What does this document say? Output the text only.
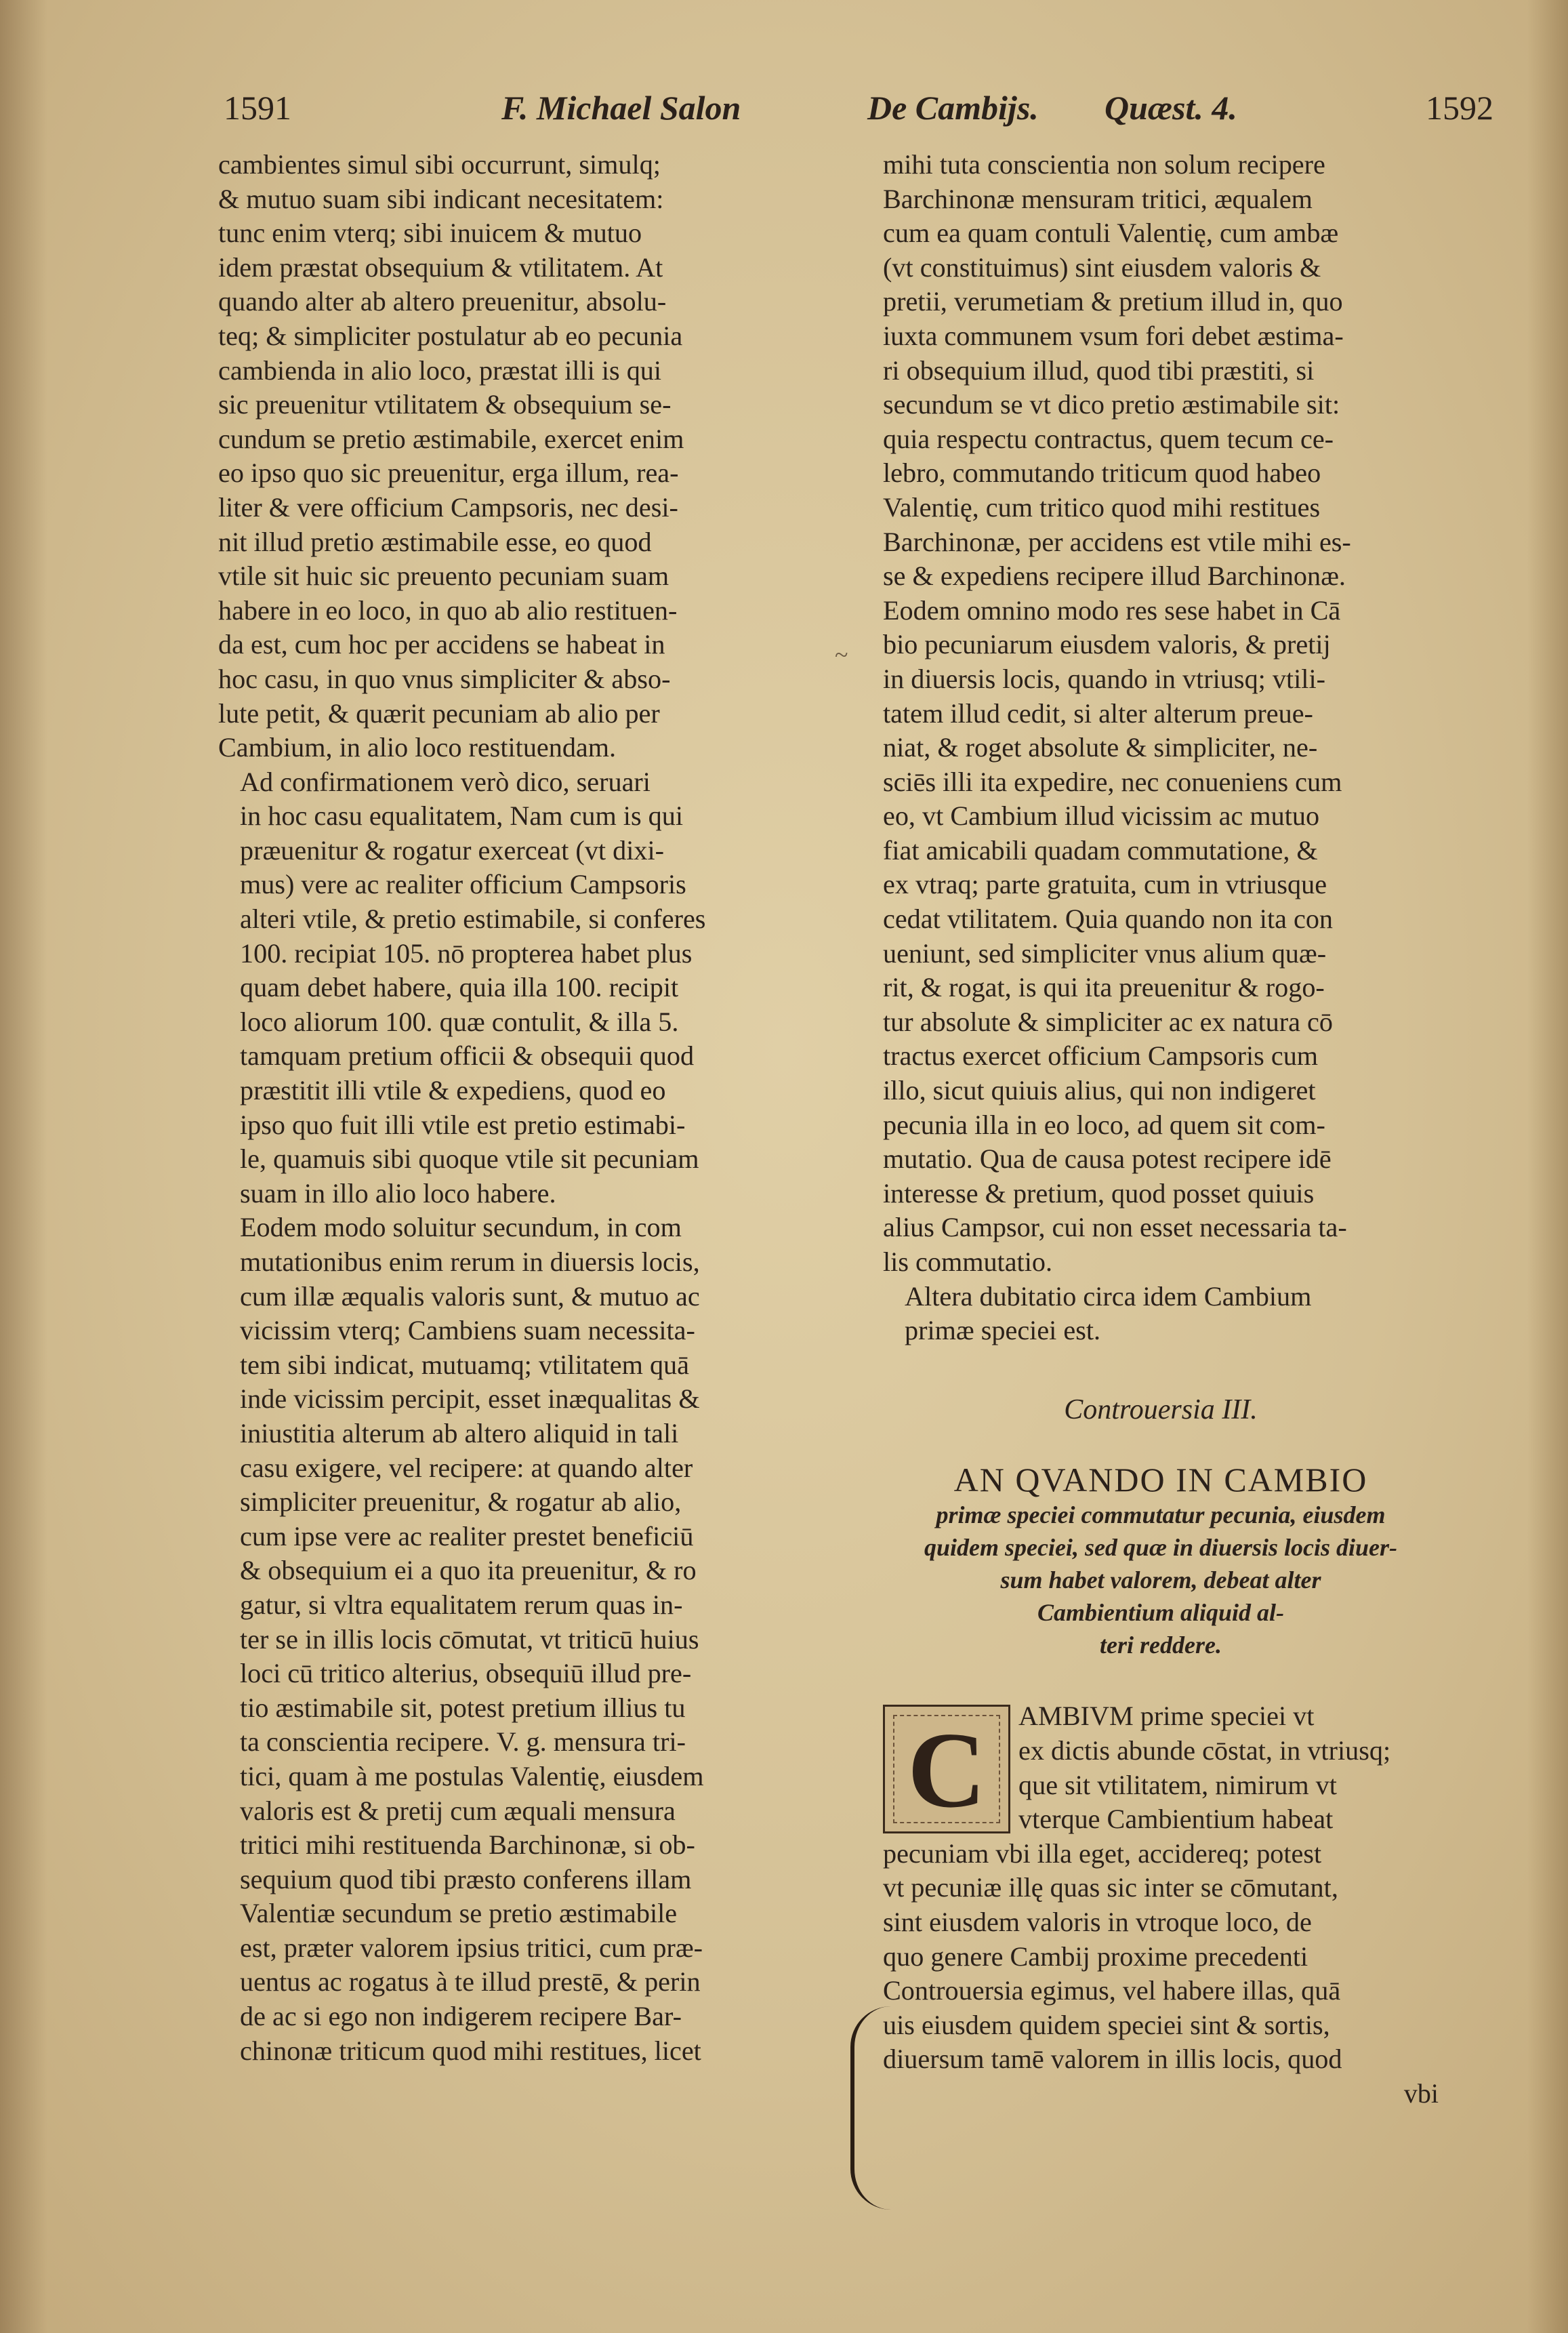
1591	F. Michael Salon	De Cambijs. Quæst. 4.	1592

cambientes simul sibi occurrunt, simulq;
& mutuo suam sibi indicant necesitatem:
tunc enim vterq; sibi inuicem & mutuo
idem præstat obsequium & vtilitatem. At
quando alter ab altero preuenitur, absolu-
teq; & simpliciter postulatur ab eo pecunia
cambienda in alio loco, præstat illi is qui
sic preuenitur vtilitatem & obsequium se-
cundum se pretio æstimabile, exercet enim
eo ipso quo sic preuenitur, erga illum, rea-
liter & vere officium Campsoris, nec desi-
nit illud pretio æstimabile esse, eo quod
vtile sit huic sic preuento pecuniam suam
habere in eo loco, in quo ab alio restituen-
da est, cum hoc per accidens se habeat in
hoc casu, in quo vnus simpliciter & abso-
lute petit, & quærit pecuniam ab alio per
Cambium, in alio loco restituendam.

Ad confirmationem verò dico, seruari
in hoc casu equalitatem, Nam cum is qui
præuenitur & rogatur exerceat (vt dixi-
mus) vere ac realiter officium Campsoris
alteri vtile, & pretio estimabile, si conferes
100. recipiat 105. nō propterea habet plus
quam debet habere, quia illa 100. recipit
loco aliorum 100. quæ contulit, & illa 5.
tamquam pretium officii & obsequii quod
præstitit illi vtile & expediens, quod eo
ipso quo fuit illi vtile est pretio estimabi-
le, quamuis sibi quoque vtile sit pecuniam
suam in illo alio loco habere.

Eodem modo soluitur secundum, in com
mutationibus enim rerum in diuersis locis,
cum illæ æqualis valoris sunt, & mutuo ac
vicissim vterq; Cambiens suam necessita-
tem sibi indicat, mutuamq; vtilitatem quā
inde vicissim percipit, esset inæqualitas &
iniustitia alterum ab altero aliquid in tali
casu exigere, vel recipere: at quando alter
simpliciter preuenitur, & rogatur ab alio,
cum ipse vere ac realiter prestet beneficiū
& obsequium ei a quo ita preuenitur, & ro
gatur, si vltra equalitatem rerum quas in-
ter se in illis locis cōmutat, vt triticū huius
loci cū tritico alterius, obsequiū illud pre-
tio æstimabile sit, potest pretium illius tu
ta conscientia recipere. V. g. mensura tri-
tici, quam à me postulas Valentię, eiusdem
valoris est & pretij cum æquali mensura
tritici mihi restituenda Barchinonæ, si ob-
sequium quod tibi præsto conferens illam
Valentiæ secundum se pretio æstimabile
est, præter valorem ipsius tritici, cum præ-
uentus ac rogatus à te illud prestē, & perin
de ac si ego non indigerem recipere Bar-
chinonæ triticum quod mihi restitues, licet

~

mihi tuta conscientia non solum recipere
Barchinonæ mensuram tritici, æqualem
cum ea quam contuli Valentię, cum ambæ
(vt constituimus) sint eiusdem valoris &
pretii, verumetiam & pretium illud in, quo
iuxta communem vsum fori debet æstima-
ri obsequium illud, quod tibi præstiti, si
secundum se vt dico pretio æstimabile sit:
quia respectu contractus, quem tecum ce-
lebro, commutando triticum quod habeo
Valentię, cum tritico quod mihi restitues
Barchinonæ, per accidens est vtile mihi es-
se & expediens recipere illud Barchinonæ.
Eodem omnino modo res sese habet in Cā
bio pecuniarum eiusdem valoris, & pretij
in diuersis locis, quando in vtriusq; vtili-
tatem illud cedit, si alter alterum preue-
niat, & roget absolute & simpliciter, ne-
sciēs illi ita expedire, nec conueniens cum
eo, vt Cambium illud vicissim ac mutuo
fiat amicabili quadam commutatione, &
ex vtraq; parte gratuita, cum in vtriusque
cedat vtilitatem. Quia quando non ita con
ueniunt, sed simpliciter vnus alium quæ-
rit, & rogat, is qui ita preuenitur & rogo-
tur absolute & simpliciter ac ex natura cō
tractus exercet officium Campsoris cum
illo, sicut quiuis alius, qui non indigeret
pecunia illa in eo loco, ad quem sit com-
mutatio. Qua de causa potest recipere idē
interesse & pretium, quod posset quiuis
alius Campsor, cui non esset necessaria ta-
lis commutatio.

Altera dubitatio circa idem Cambium
primæ speciei est.

Controuersia III.
AN QVANDO IN CAMBIO
primæ speciei commutatur pecunia, eiusdem
quidem speciei, sed quæ in diuersis locis diuer-
sum habet valorem, debeat alter
Cambientium aliquid al-
teri reddere.
C	AMBIVM prime speciei vt
ex dictis abunde cōstat, in vtriusq;
que sit vtilitatem, nimirum vt
vterque Cambientium habeat

pecuniam vbi illa eget, accidereq; potest
vt pecuniæ illę quas sic inter se cōmutant,
sint eiusdem valoris in vtroque loco, de
quo genere Cambij proxime precedenti
Controuersia egimus, vel habere illas, quā
uis eiusdem quidem speciei sint & sortis,
diuersum tamē valorem in illis locis, quod

vbi
